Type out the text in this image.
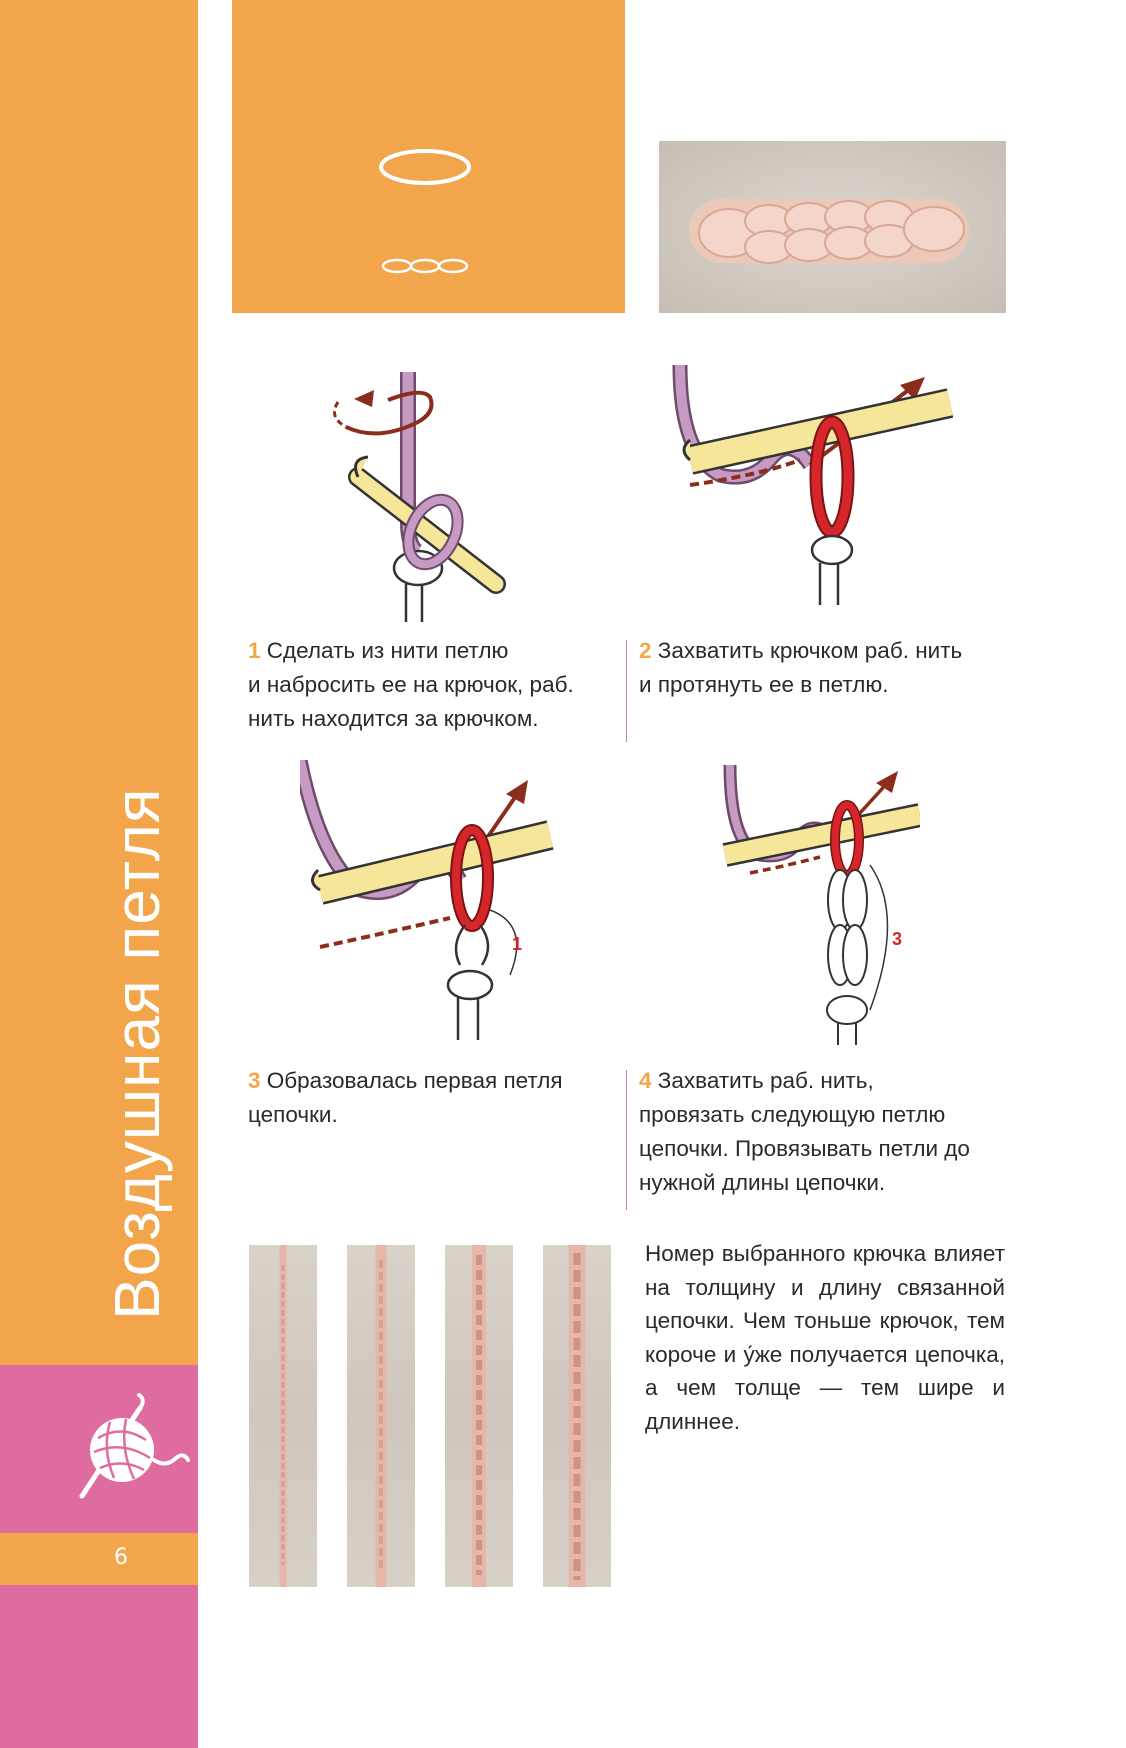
Воздушная петля
6
1 Сделать из нити петлю
и набросить ее на крючок, раб.
нить находится за крючком.
2 Захватить крючком раб. нить
и протянуть ее в петлю.
1	3
3 Образовалась первая петля
цепочки.
4 Захватить раб. нить,
провязать следующую петлю
цепочки. Провязывать петли до
нужной длины цепочки.
Номер выбранного крючка влияет на толщину и длину связанной цепочки. Чем тоньше крючок, тем короче и у́же получается цепочка, а чем толще — тем шире и длиннее.
